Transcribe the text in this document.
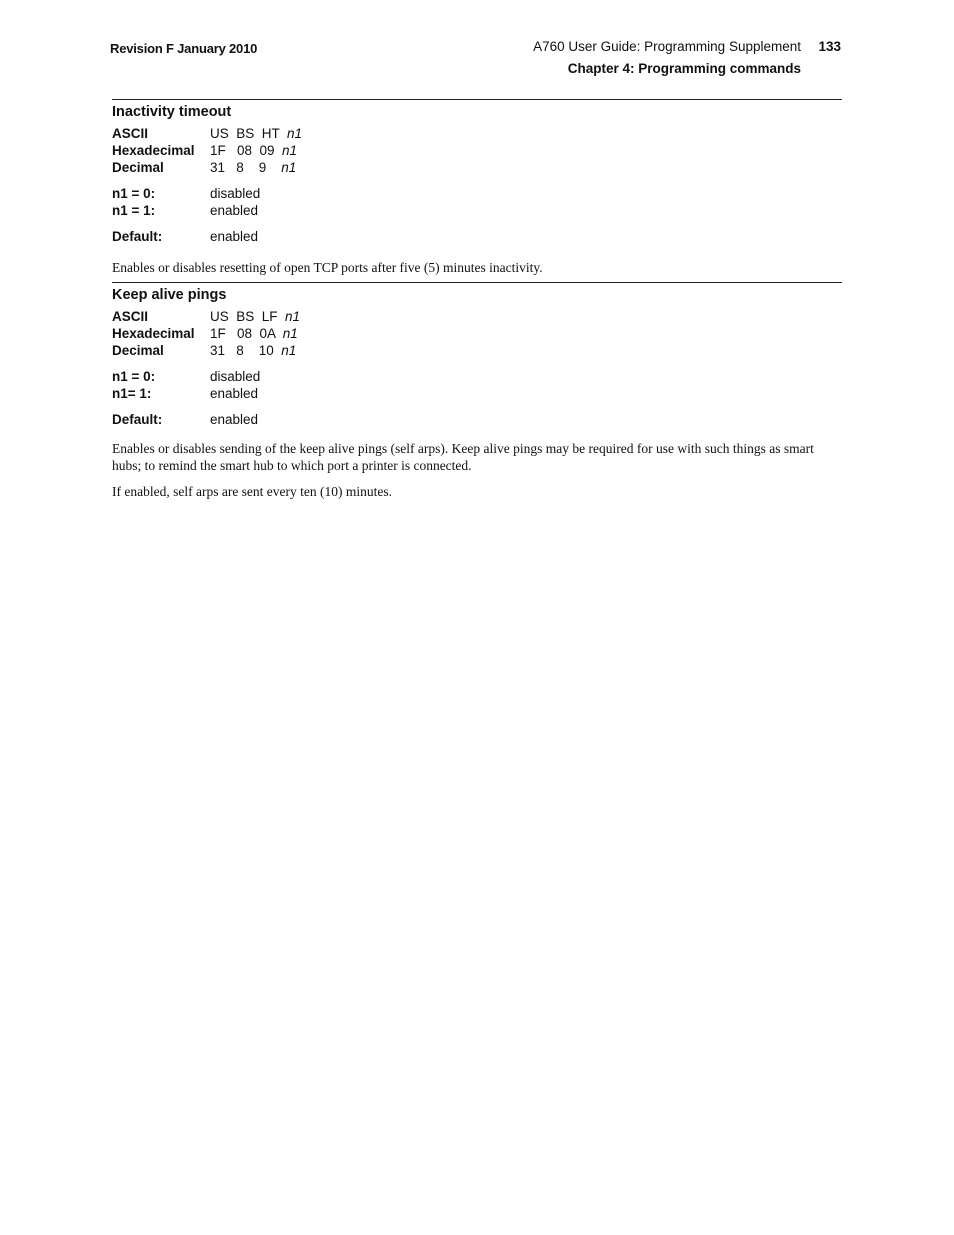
Revision F January 2010	A760 User Guide: Programming Supplement 133
Chapter 4: Programming commands
Inactivity timeout
ASCII	US  BS  HT  n1
Hexadecimal 1F   08  09  n1
Decimal	31   8    9    n1
n1 = 0:	disabled
n1 = 1:	enabled
Default:	enabled

Enables or disables resetting of open TCP ports after five (5) minutes inactivity.

Keep alive pings
ASCII	US  BS  LF  n1
Hexadecimal 1F   08  0A  n1
Decimal	31   8    10  n1
n1 = 0:	disabled
n1= 1:	enabled
Default:	enabled

Enables or disables sending of the keep alive pings (self arps). Keep alive pings may be required for use with such things as smart hubs; to remind the smart hub to which port a printer is connected.

If enabled, self arps are sent every ten (10) minutes.
